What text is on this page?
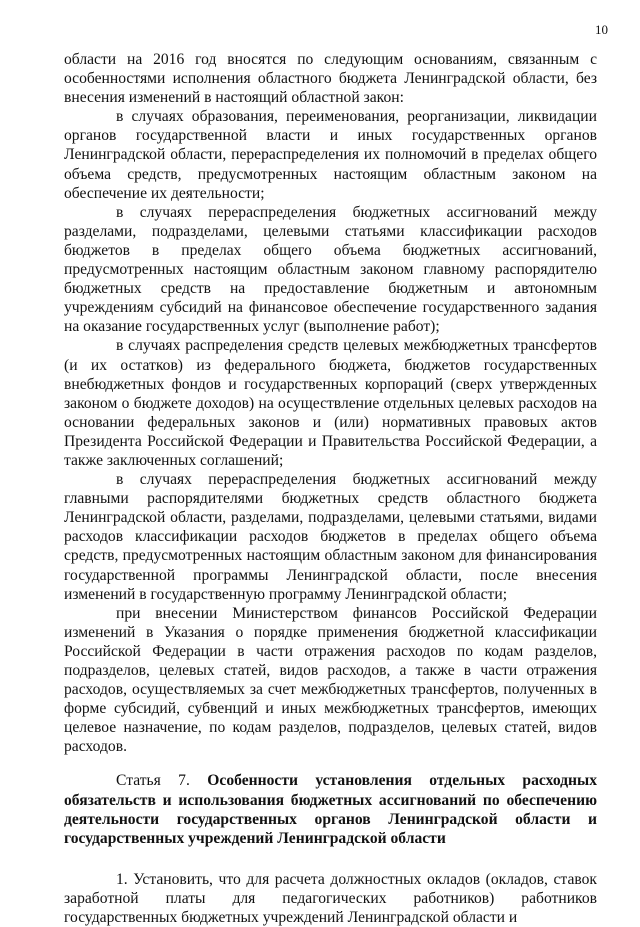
10

области на 2016 год вносятся по следующим основаниям, связанным с особенностями исполнения областного бюджета Ленинградской области, без внесения изменений в настоящий областной закон:

в случаях образования, переименования, реорганизации, ликвидации органов государственной власти и иных государственных органов Ленинградской области, перераспределения их полномочий в пределах общего объема средств, предусмотренных настоящим областным законом на обеспечение их деятельности;

в случаях перераспределения бюджетных ассигнований между разделами, подразделами, целевыми статьями классификации расходов бюджетов в пределах общего объема бюджетных ассигнований, предусмотренных настоящим областным законом главному распорядителю бюджетных средств на предоставление бюджетным и автономным учреждениям субсидий на финансовое обеспечение государственного задания на оказание государственных услуг (выполнение работ);

в случаях распределения средств целевых межбюджетных трансфертов (и их остатков) из федерального бюджета, бюджетов государственных внебюджетных фондов и государственных корпораций (сверх утвержденных законом о бюджете доходов) на осуществление отдельных целевых расходов на основании федеральных законов и (или) нормативных правовых актов Президента Российской Федерации и Правительства Российской Федерации, а также заключенных соглашений;

в случаях перераспределения бюджетных ассигнований между главными распорядителями бюджетных средств областного бюджета Ленинградской области, разделами, подразделами, целевыми статьями, видами расходов классификации расходов бюджетов в пределах общего объема средств, предусмотренных настоящим областным законом для финансирования государственной программы Ленинградской области, после внесения изменений в государственную программу Ленинградской области;

при внесении Министерством финансов Российской Федерации изменений в Указания о порядке применения бюджетной классификации Российской Федерации в части отражения расходов по кодам разделов, подразделов, целевых статей, видов расходов, а также в части отражения расходов, осуществляемых за счет межбюджетных трансфертов, полученных в форме субсидий, субвенций и иных межбюджетных трансфертов, имеющих целевое назначение, по кодам разделов, подразделов, целевых статей, видов расходов.

Статья 7. Особенности установления отдельных расходных обязательств и использования бюджетных ассигнований по обеспечению деятельности государственных органов Ленинградской области и государственных учреждений Ленинградской области

1. Установить, что для расчета должностных окладов (окладов, ставок заработной платы для педагогических работников) работников государственных бюджетных учреждений Ленинградской области и
